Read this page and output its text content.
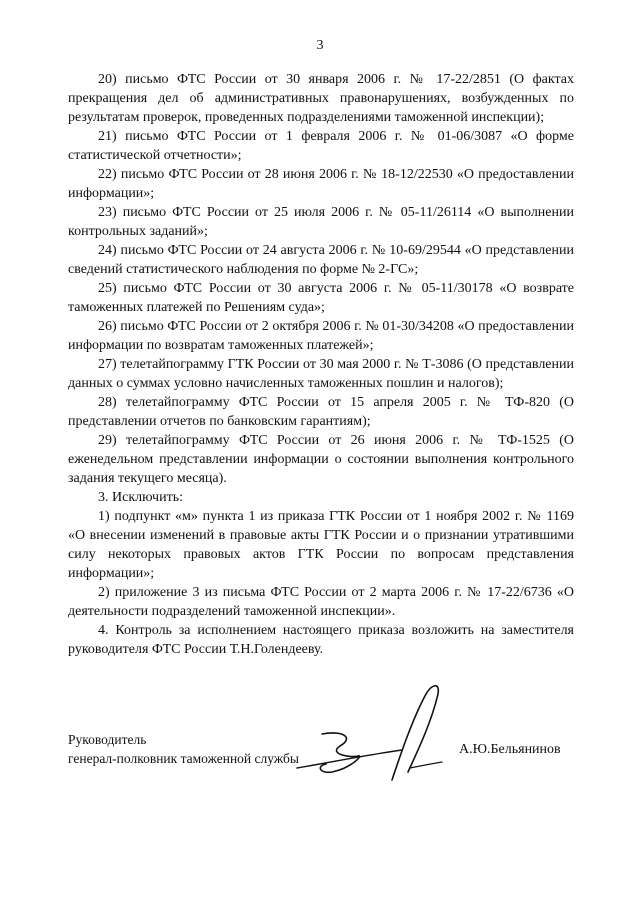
3

20) письмо ФТС России от 30 января 2006 г. № 17-22/2851 (О фактах прекращения дел об административных правонарушениях, возбужденных по результатам проверок, проведенных подразделениями таможенной инспекции);

21) письмо ФТС России от 1 февраля 2006 г. № 01-06/3087 «О форме статистической отчетности»;

22) письмо ФТС России от 28 июня 2006 г. № 18-12/22530 «О предоставлении информации»;

23) письмо ФТС России от 25 июля 2006 г. № 05-11/26114 «О выполнении контрольных заданий»;

24) письмо ФТС России от 24 августа 2006 г. № 10-69/29544 «О представлении сведений статистического наблюдения по форме № 2-ГС»;

25) письмо ФТС России от 30 августа 2006 г. № 05-11/30178 «О возврате таможенных платежей по Решениям суда»;

26) письмо ФТС России от 2 октября 2006 г. № 01-30/34208 «О предоставлении информации по возвратам таможенных платежей»;

27) телетайпограмму ГТК России от 30 мая 2000 г. № Т-3086 (О представлении данных о суммах условно начисленных таможенных пошлин и налогов);

28) телетайпограмму ФТС России от 15 апреля 2005 г. № ТФ-820 (О представлении отчетов по банковским гарантиям);

29) телетайпограмму ФТС России от 26 июня 2006 г. № ТФ-1525 (О еженедельном представлении информации о состоянии выполнения контрольного задания текущего месяца).

3. Исключить:

1) подпункт «м» пункта 1 из приказа ГТК России от 1 ноября 2002 г. № 1169 «О внесении изменений в правовые акты ГТК России и о признании утратившими силу некоторых правовых актов ГТК России по вопросам представления информации»;

2) приложение 3 из письма ФТС России от 2 марта 2006 г. № 17-22/6736 «О деятельности подразделений таможенной инспекции».

4. Контроль за исполнением настоящего приказа возложить на заместителя руководителя ФТС России Т.Н.Голендееву.

Руководитель
генерал-полковник таможенной службы
А.Ю.Бельянинов
